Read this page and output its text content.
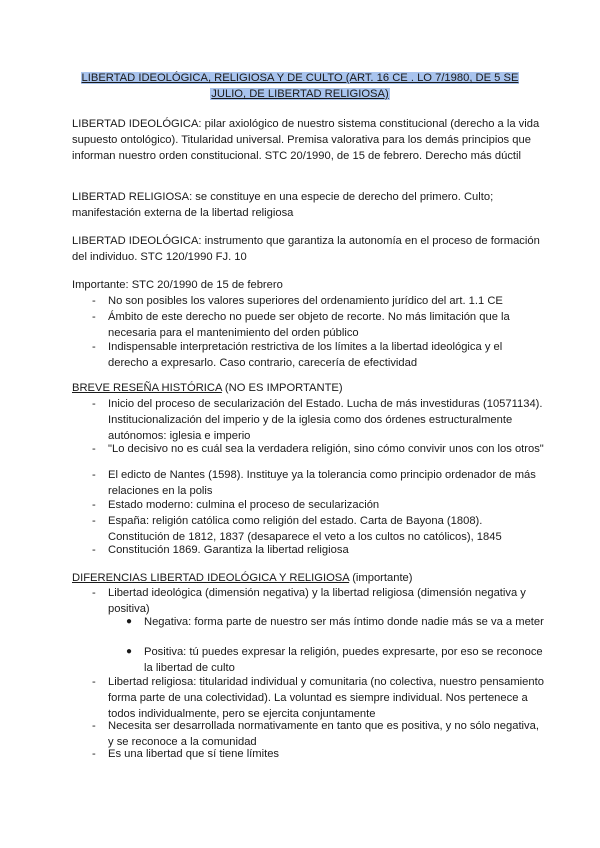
LIBERTAD IDEOLÓGICA, RELIGIOSA Y DE CULTO (ART. 16 CE . LO 7/1980, DE 5 SE
JULIO, DE LIBERTAD RELIGIOSA)

LIBERTAD IDEOLÓGICA: pilar axiológico de nuestro sistema constitucional (derecho a la vida supuesto ontológico). Titularidad universal. Premisa valorativa para los demás principios que informan nuestro orden constitucional. STC 20/1990, de 15 de febrero. Derecho más dúctil

LIBERTAD RELIGIOSA: se constituye en una especie de derecho del primero. Culto; manifestación externa de la libertad religiosa

LIBERTAD IDEOLÓGICA: instrumento que garantiza la autonomía en el proceso de formación del individuo. STC 120/1990 FJ. 10

Importante: STC 20/1990 de 15 de febrero

- No son posibles los valores superiores del ordenamiento jurídico del art. 1.1 CE
- Ámbito de este derecho no puede ser objeto de recorte. No más limitación que la necesaria para el mantenimiento del orden público
- Indispensable interpretación restrictiva de los límites a la libertad ideológica y el derecho a expresarlo. Caso contrario, carecería de efectividad

BREVE RESEÑA HISTÓRICA (NO ES IMPORTANTE)

- Inicio del proceso de secularización del Estado. Lucha de más investiduras (10571134). Institucionalización del imperio y de la iglesia como dos órdenes estructuralmente autónomos: iglesia e imperio
- "Lo decisivo no es cuál sea la verdadera religión, sino cómo convivir unos con los otros"
- El edicto de Nantes (1598). Instituye ya la tolerancia como principio ordenador de más relaciones en la polis
- Estado moderno: culmina el proceso de secularización
- España: religión católica como religión del estado. Carta de Bayona (1808). Constitución de 1812, 1837 (desaparece el veto a los cultos no católicos), 1845
- Constitución 1869. Garantiza la libertad religiosa

DIFERENCIAS LIBERTAD IDEOLÓGICA Y RELIGIOSA (importante)

- Libertad ideológica (dimensión negativa) y la libertad religiosa (dimensión negativa y positiva)
● Negativa: forma parte de nuestro ser más íntimo donde nadie más se va a meter
● Positiva: tú puedes expresar la religión, puedes expresarte, por eso se reconoce la libertad de culto
- Libertad religiosa: titularidad individual y comunitaria (no colectiva, nuestro pensamiento forma parte de una colectividad). La voluntad es siempre individual. Nos pertenece a todos individualmente, pero se ejercita conjuntamente
- Necesita ser desarrollada normativamente en tanto que es positiva, y no sólo negativa, y se reconoce a la comunidad
- Es una libertad que sí tiene límites
